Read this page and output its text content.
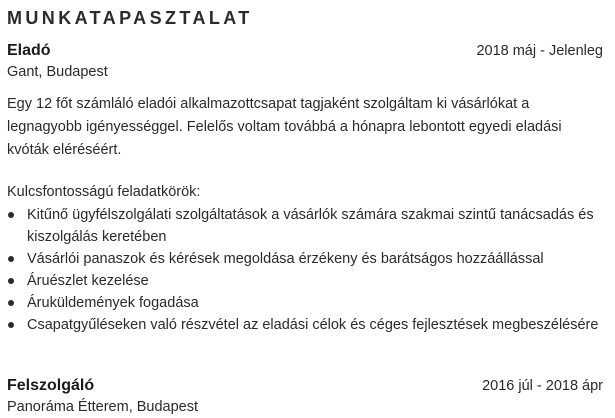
MUNKATAPASZTALAT
Eladó	2018 máj - Jelenleg
Gant, Budapest
Egy 12 főt számláló eladói alkalmazottcsapat tagjaként szolgáltam ki vásárlókat a legnagyobb igényességgel. Felelős voltam továbbá a hónapra lebontott egyedi eladási kvóták eléréséért.
Kulcsfontosságú feladatkörök:
Kitűnő ügyfélszolgálati szolgáltatások a vásárlók számára szakmai szintű tanácsadás és kiszolgálás keretében
Vásárlói panaszok és kérések megoldása érzékeny és barátságos hozzáállással
Áruészlet kezelése
Áruküldemények fogadása
Csapatgyűléseken való részvétel az eladási célok és céges fejlesztések megbeszélésére
Felszolgáló	2016 júl - 2018 ápr
Panoráma Étterem, Budapest
